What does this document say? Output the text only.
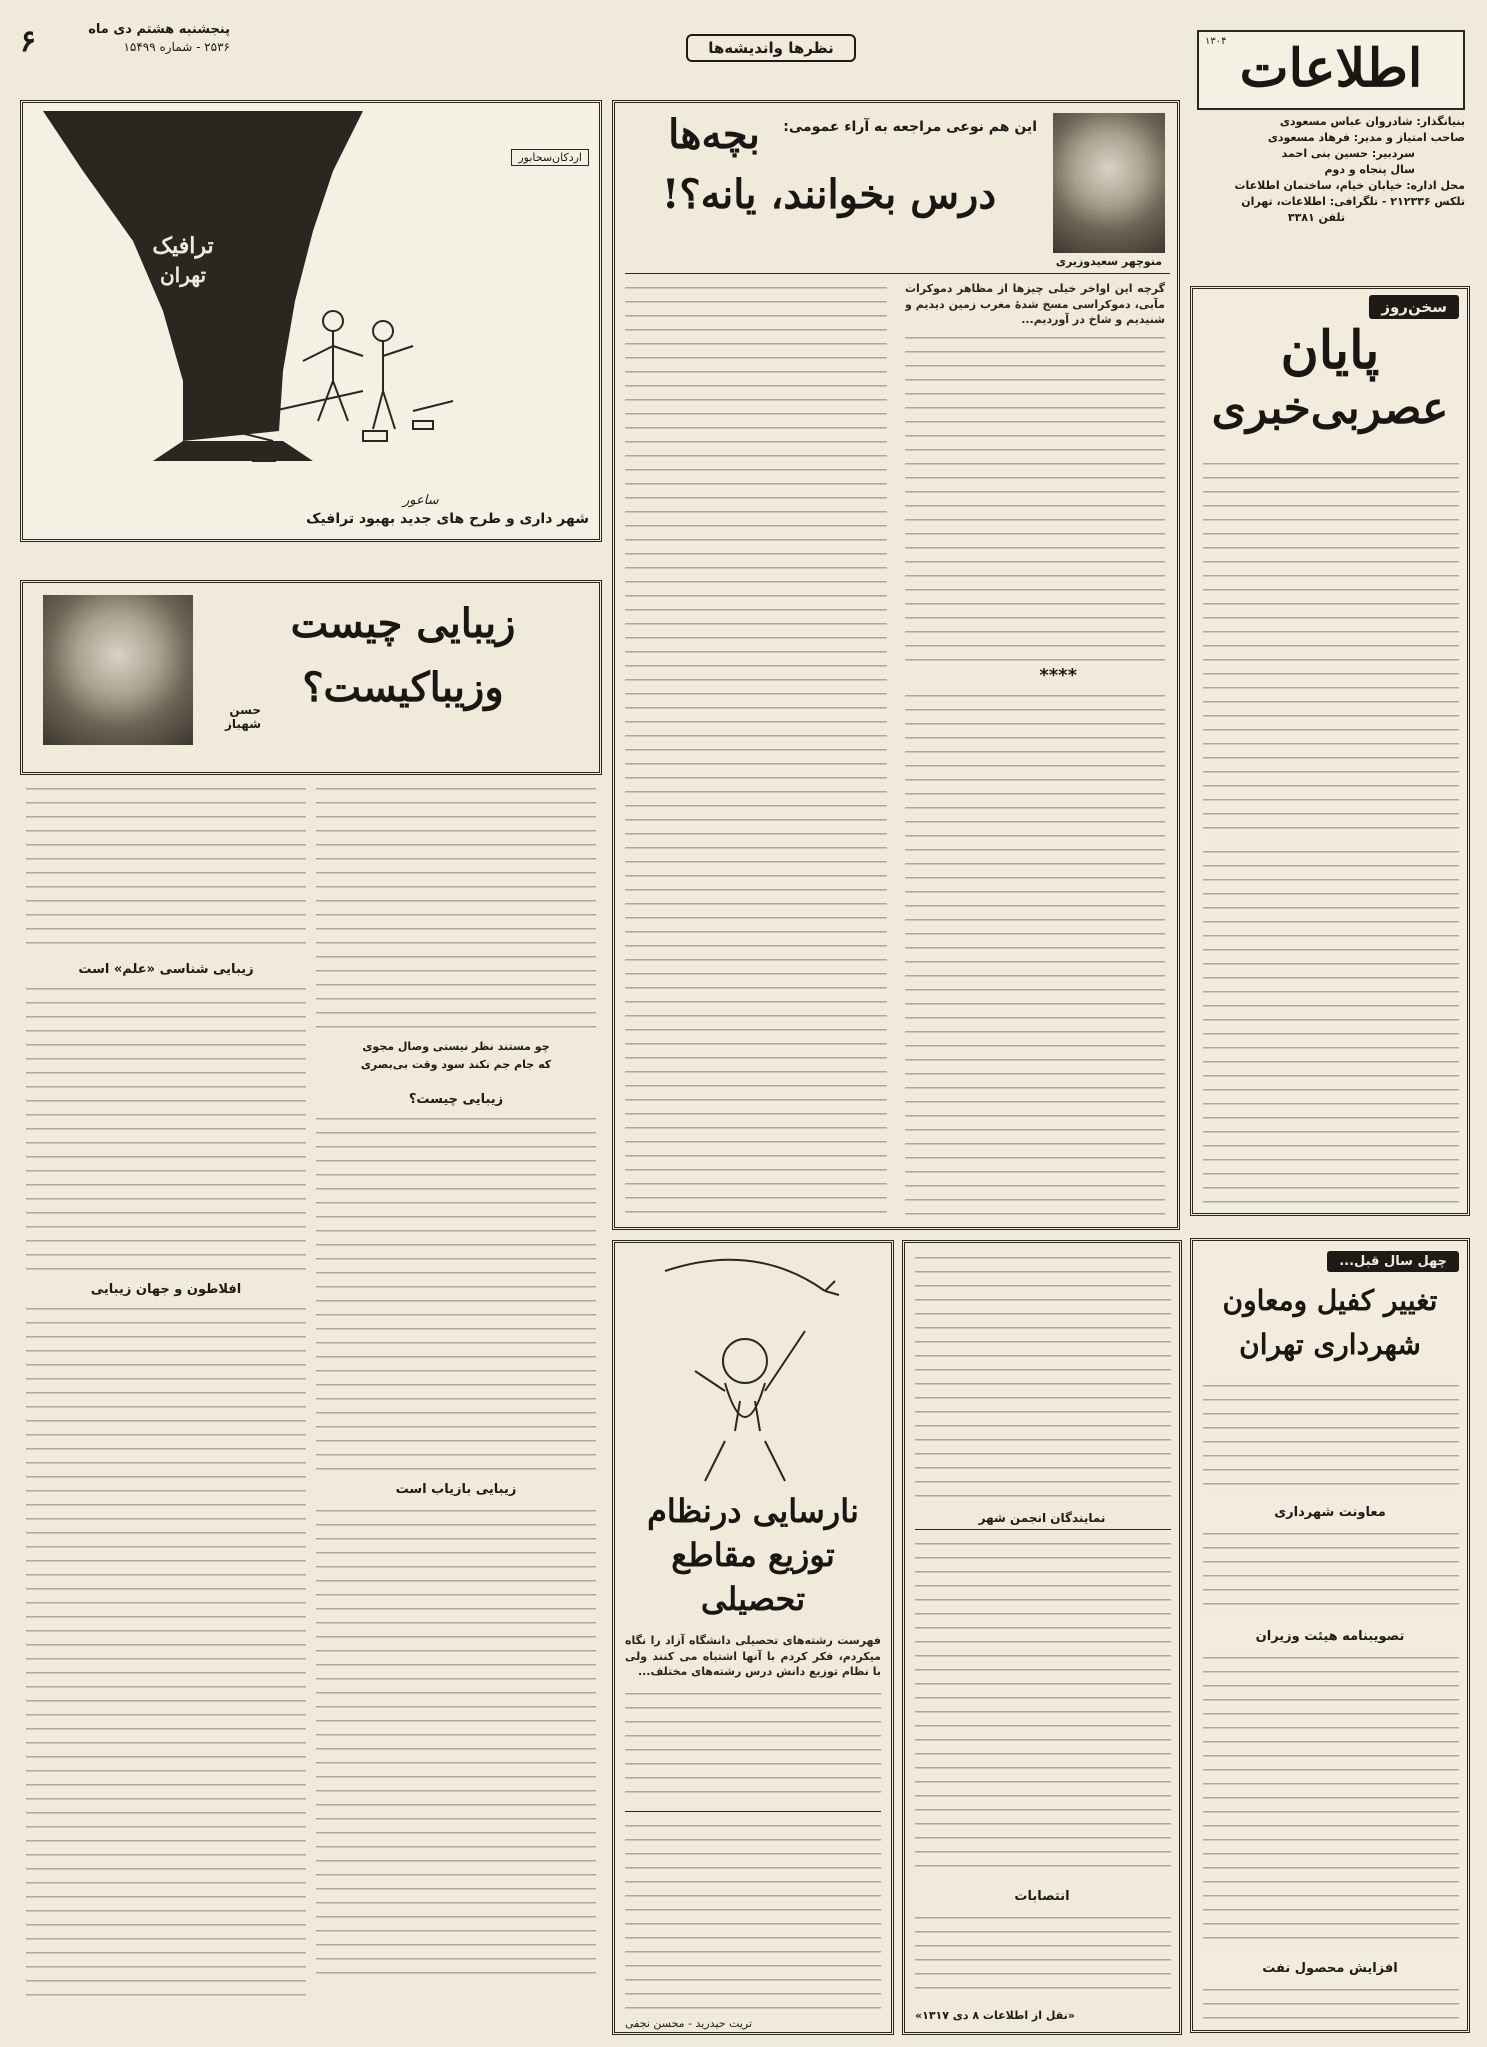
۶	پنجشنبه هشتم دی ماه
۲۵۳۶ - شماره ۱۵۴۹۹	نظرها واندیشه‌ها	اطلاعات
۱۳۰۴
بنیانگذار: شادروان عباس مسعودی
صاحب امتیاز و مدیر: فرهاد مسعودی
سردبیر: حسین بنی احمد
سال پنجاه و دوم
محل اداره: خیابان خیام، ساختمان اطلاعات
تلکس ۲۱۲۳۳۶ - تلگرافی: اطلاعات، تهران
تلفن ۳۳۸۱
سخن‌روز
پایان
عصربی‌خبری
چهل سال قبل...
تغییر کفیل ومعاون
شهرداری تهران
معاونت شهرداری
تصویبنامه هیئت وزیران
افزایش محصول نفت
منوچهر سعیدوزیری
این هم نوعی مراجعه به آراء عمومی:
بچه‌ها
درس بخوانند، یانه؟!
گرچه این اواخر خیلی چیزها از مظاهر دموکرات مآبی، دموکراسی مسخ شدهٔ مغرب زمین دیدیم و شنیدیم و شاخ در آوردیم...
****
اردکان‌سحابور
ترافیک
تهران
ساعور
شهر داری و طرح های جدید بهبود ترافیک
زیبایی چیست
وزیباکیست؟
حسن شهباز
چو مستند نظر نیستی وصال مجوی
که جام جم نکند سود وقت بی‌بصری
زیبایی چیست؟
زیبایی بازیاب است
زیبایی شناسی «علم» است
افلاطون و جهان زیبایی
نارسایی درنظام
توزیع مقاطع
تحصیلی
فهرست رشته‌های تحصیلی دانشگاه آزاد را نگاه میکردم، فکر کردم با آنها اشتباه می کنند ولی با نظام توزیع دانش درس رشته‌های مختلف...
تریت حیدرید - محسن نجفی
نمایندگان انجمن شهر
انتصابات
«نقل از اطلاعات ۸ دی ۱۳۱۷»
